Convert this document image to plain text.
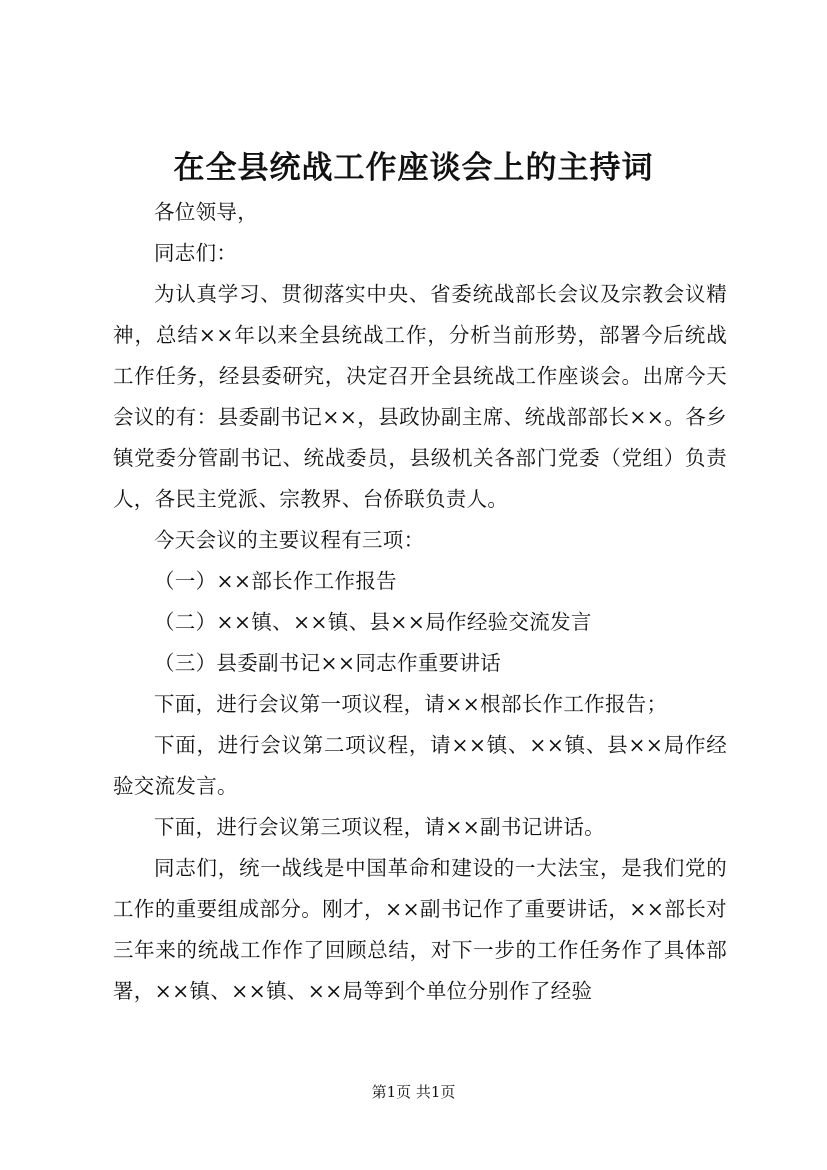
在全县统战工作座谈会上的主持词

各位领导，

同志们：

为认真学习、贯彻落实中央、省委统战部长会议及宗教会议精神，总结××年以来全县统战工作，分析当前形势，部署今后统战工作任务，经县委研究，决定召开全县统战工作座谈会。出席今天会议的有：县委副书记××，县政协副主席、统战部部长××。各乡镇党委分管副书记、统战委员，县级机关各部门党委（党组）负责人，各民主党派、宗教界、台侨联负责人。

今天会议的主要议程有三项：

（一）××部长作工作报告

（二）××镇、××镇、县××局作经验交流发言

（三）县委副书记××同志作重要讲话

下面，进行会议第一项议程，请××根部长作工作报告；

下面，进行会议第二项议程，请××镇、××镇、县××局作经验交流发言。

下面，进行会议第三项议程，请××副书记讲话。

同志们，统一战线是中国革命和建设的一大法宝，是我们党的工作的重要组成部分。刚才，××副书记作了重要讲话，××部长对三年来的统战工作作了回顾总结，对下一步的工作任务作了具体部署，××镇、××镇、××局等到个单位分别作了经验

第1页 共1页
